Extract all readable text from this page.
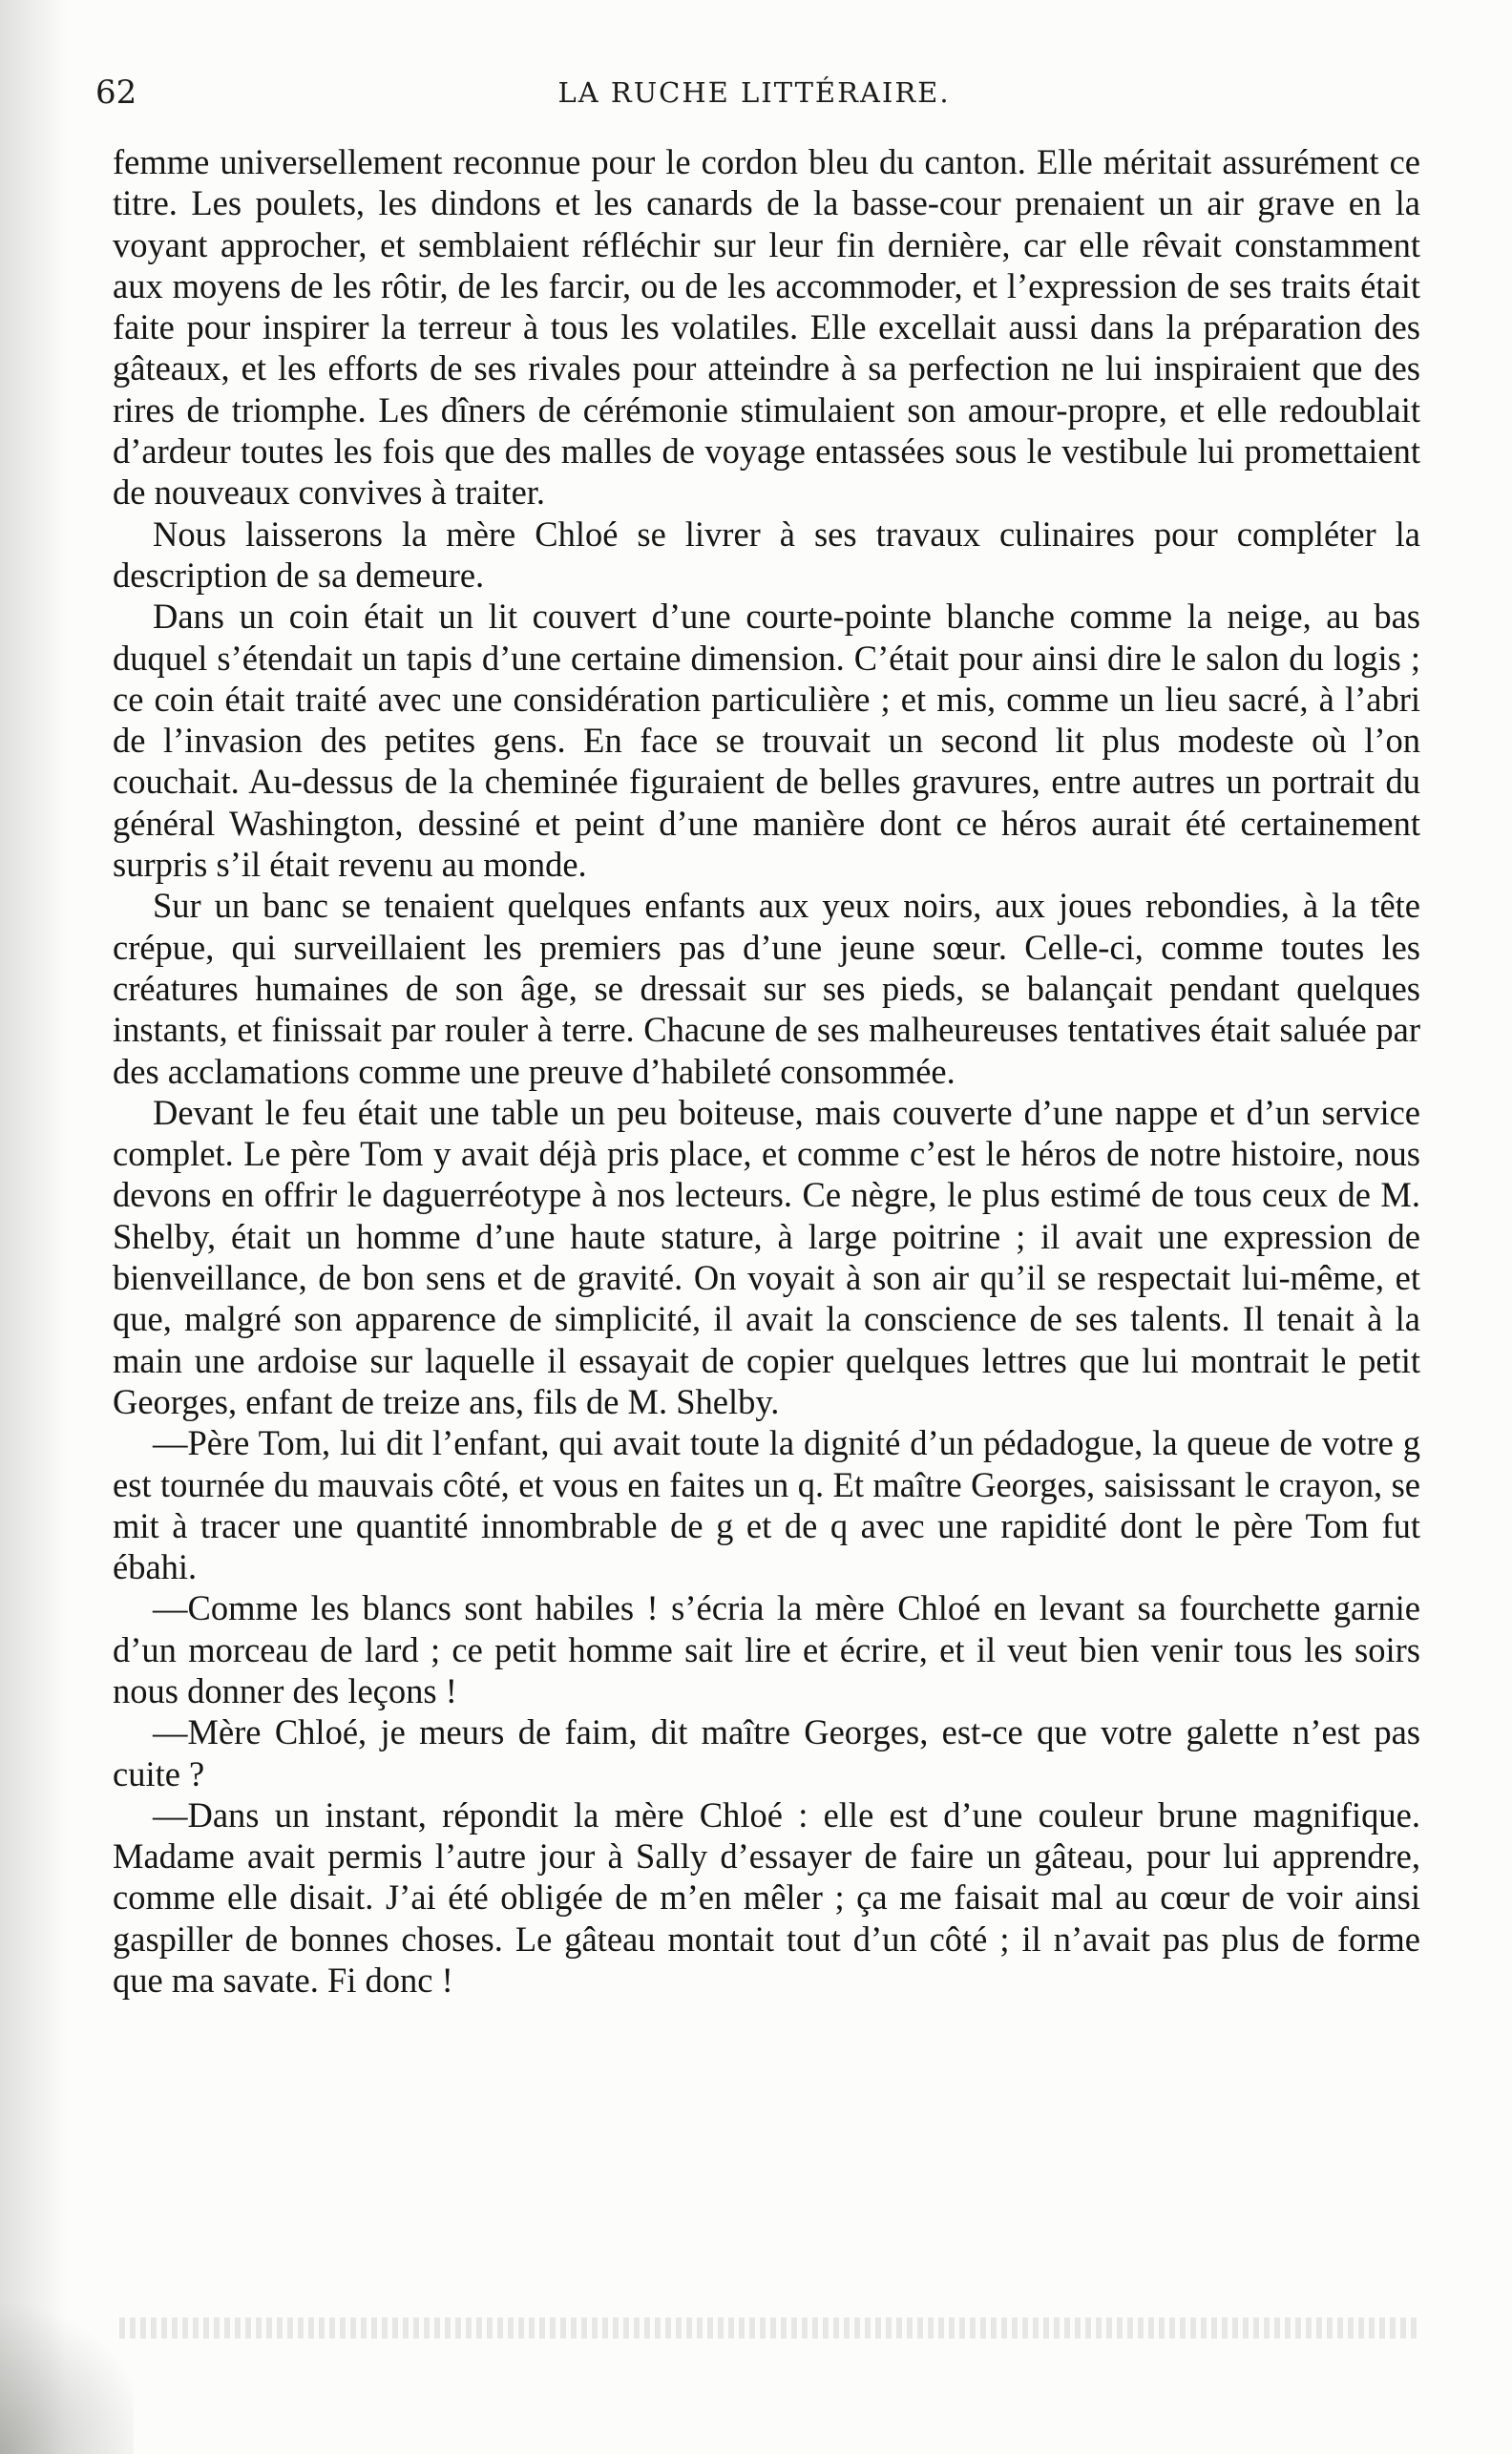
62	LA RUCHE LITTÉRAIRE.

femme universellement reconnue pour le cordon bleu du canton. Elle méritait assurément ce titre. Les poulets, les dindons et les canards de la basse-cour prenaient un air grave en la voyant approcher, et semblaient réfléchir sur leur fin dernière, car elle rêvait constamment aux moyens de les rôtir, de les farcir, ou de les accommoder, et l’expression de ses traits était faite pour inspirer la terreur à tous les volatiles. Elle excellait aussi dans la préparation des gâteaux, et les efforts de ses rivales pour atteindre à sa perfection ne lui inspiraient que des rires de triomphe. Les dîners de cérémonie stimulaient son amour-propre, et elle redoublait d’ardeur toutes les fois que des malles de voyage entassées sous le vestibule lui promettaient de nouveaux convives à traiter.

Nous laisserons la mère Chloé se livrer à ses travaux culinaires pour compléter la description de sa demeure.

Dans un coin était un lit couvert d’une courte-pointe blanche comme la neige, au bas duquel s’étendait un tapis d’une certaine dimension. C’était pour ainsi dire le salon du logis ; ce coin était traité avec une considération particulière ; et mis, comme un lieu sacré, à l’abri de l’invasion des petites gens. En face se trouvait un second lit plus modeste où l’on couchait. Au-dessus de la cheminée figuraient de belles gravures, entre autres un portrait du général Washington, dessiné et peint d’une manière dont ce héros aurait été certainement surpris s’il était revenu au monde.

Sur un banc se tenaient quelques enfants aux yeux noirs, aux joues rebondies, à la tête crépue, qui surveillaient les premiers pas d’une jeune sœur. Celle-ci, comme toutes les créatures humaines de son âge, se dressait sur ses pieds, se balançait pendant quelques instants, et finissait par rouler à terre. Chacune de ses malheureuses tentatives était saluée par des acclamations comme une preuve d’habileté consommée.

Devant le feu était une table un peu boiteuse, mais couverte d’une nappe et d’un service complet. Le père Tom y avait déjà pris place, et comme c’est le héros de notre histoire, nous devons en offrir le daguerréotype à nos lecteurs. Ce nègre, le plus estimé de tous ceux de M. Shelby, était un homme d’une haute stature, à large poitrine ; il avait une expression de bienveillance, de bon sens et de gravité. On voyait à son air qu’il se respectait lui-même, et que, malgré son apparence de simplicité, il avait la conscience de ses talents. Il tenait à la main une ardoise sur laquelle il essayait de copier quelques lettres que lui montrait le petit Georges, enfant de treize ans, fils de M. Shelby.

—Père Tom, lui dit l’enfant, qui avait toute la dignité d’un pédadogue, la queue de votre g est tournée du mauvais côté, et vous en faites un q. Et maître Georges, saisissant le crayon, se mit à tracer une quantité innombrable de g et de q avec une rapidité dont le père Tom fut ébahi.

—Comme les blancs sont habiles ! s’écria la mère Chloé en levant sa fourchette garnie d’un morceau de lard ; ce petit homme sait lire et écrire, et il veut bien venir tous les soirs nous donner des leçons !

—Mère Chloé, je meurs de faim, dit maître Georges, est-ce que votre galette n’est pas cuite ?

—Dans un instant, répondit la mère Chloé : elle est d’une couleur brune magnifique. Madame avait permis l’autre jour à Sally d’essayer de faire un gâteau, pour lui apprendre, comme elle disait. J’ai été obligée de m’en mêler ; ça me faisait mal au cœur de voir ainsi gaspiller de bonnes choses. Le gâteau montait tout d’un côté ; il n’avait pas plus de forme que ma savate. Fi donc !
